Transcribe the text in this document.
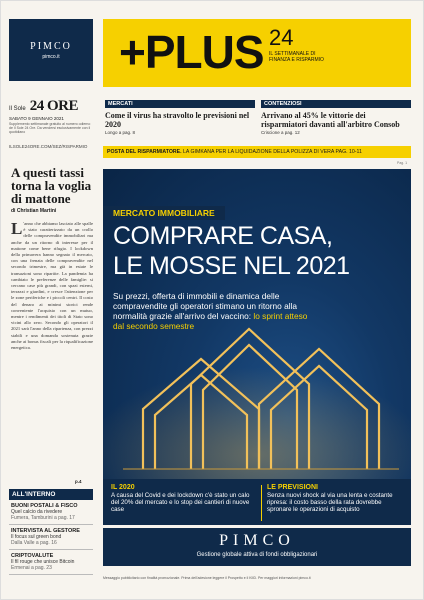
PIMCO
pimco.it
Il Sole 24 ORE
SABATO 9 GENNAIO 2021
Supplemento settimanale gratuito al numero odierno de Il Sole 24 Ore. Da vendersi esclusivamente con il quotidiano
ILSOLE24ORE.COM/SEZ/RISPARMIO
A questi tassi torna la voglia di mattone
di Christian Martini
L 'anno che abbiamo lasciato alle spalle è stato caratterizzato da un crollo delle compravendite immobiliari ma anche da un ritorno di interesse per il mattone come bene rifugio. I lockdown della primavera hanno segnato il mercato, con una frenata delle compravendite nel secondo trimestre, ma già in estate le transazioni sono ripartite. La pandemia ha cambiato le preferenze delle famiglie: si cercano case più grandi, con spazi esterni, terrazzi e giardini, e cresce l'attenzione per le zone periferiche e i piccoli centri. Il costo del denaro ai minimi storici rende conveniente l'acquisto con un mutuo, mentre i rendimenti dei titoli di Stato sono vicini allo zero. Secondo gli operatori il 2021 sarà l'anno della ripartenza, con prezzi stabili e una domanda sostenuta grazie anche ai bonus fiscali per la riqualificazione energetica.
p.4
ALL'INTERNO
BUONI POSTALI & FISCO
Quel calcio da rivedere
Fumera, Tamburini a pag. 17
INTERVISTA AL GESTORE
Il focus sul green bond
Dalla Valle a pag. 16
CRIPTOVALUTE
Il fil rouge che unisce Bitcoin
Ermenai a pag. 23
+PLUS 24
IL SETTIMANALE DI FINANZA E RISPARMIO
MERCATI
Come il virus ha stravolto le previsioni nel 2020
Longo a pag. 8
CONTENZIOSI
Arrivano al 45% le vittorie dei risparmiatori davanti all'arbitro Consob
Criscione a pag. 12
POSTA DEL RISPARMIATORE. LA GIMKANA PER LA LIQUIDAZIONE DELLA POLIZZA DI VERA PAG. 10-11
Pag. 1
MERCATO IMMOBILIARE
COMPRARE CASA,
LE MOSSE NEL 2021
Su prezzi, offerta di immobili e dinamica delle compravendite gli operatori stimano un ritorno alla normalità grazie all'arrivo del vaccino: lo sprint atteso dal secondo semestre
IL 2020
A causa del Covid e dei lockdown c'è stato un calo del 20% del mercato e lo stop dei cantieri di nuove case
LE PREVISIONI
Senza nuovi shock al via una lenta e costante ripresa: il costo basso della rata dovrebbe spronare le operazioni di acquisto
PIMCO
Gestione globale attiva di fondi obbligazionari
Messaggio pubblicitario con finalità promozionale. Prima dell'adesione leggere il Prospetto e il KIID. Per maggiori informazioni pimco.it
